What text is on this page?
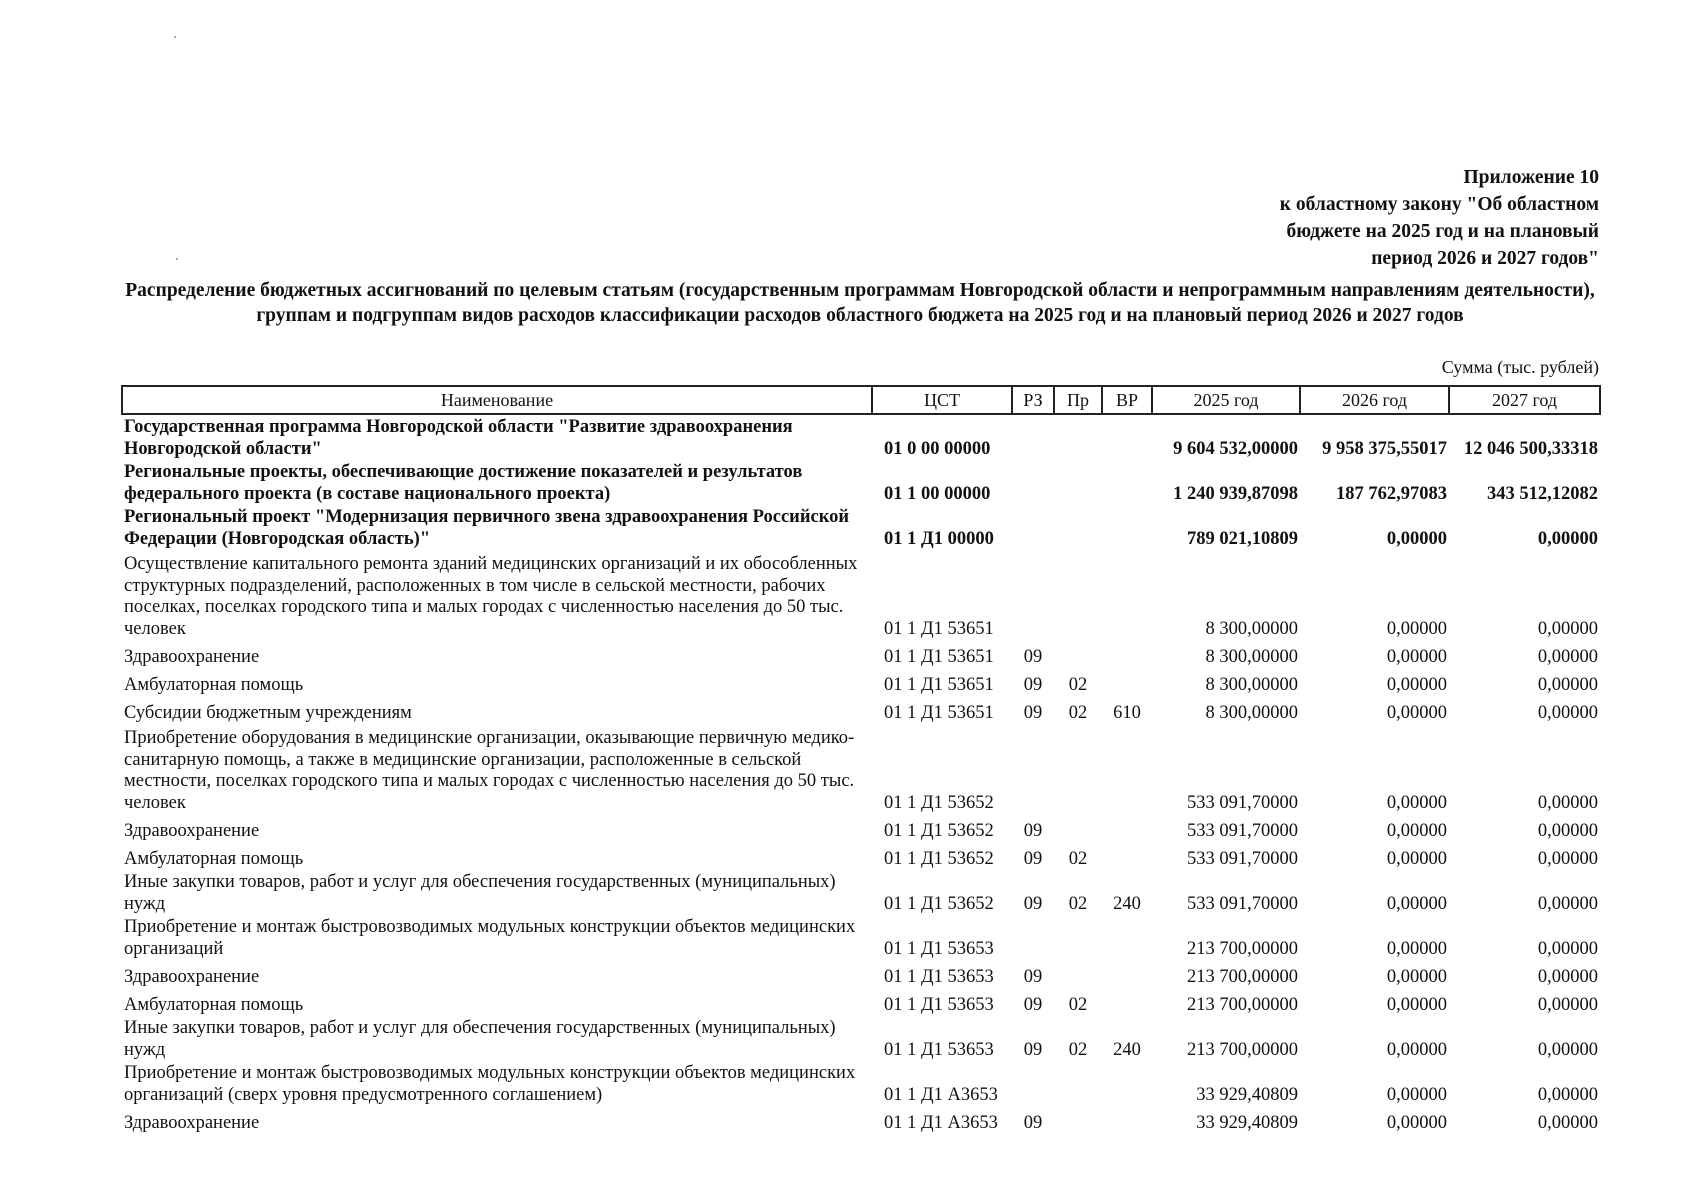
Приложение 10
к областному закону "Об областном
бюджете на 2025 год и на плановый
период 2026 и 2027 годов"
Распределение бюджетных ассигнований по целевым статьям (государственным программам Новгородской области и непрограммным направлениям деятельности), группам и подгруппам видов расходов классификации расходов областного бюджета на 2025 год и на плановый период 2026 и 2027 годов
Сумма (тыс. рублей)
Наименование	ЦСТ	РЗ	Пр	ВР	2025 год	2026 год	2027 год
Государственная программа Новгородской области "Развитие здравоохранения Новгородской области"	01 0 00 00000				9 604 532,00000	9 958 375,55017	12 046 500,33318
Региональные проекты, обеспечивающие достижение показателей и результатов федерального проекта (в составе национального проекта)	01 1 00 00000				1 240 939,87098	187 762,97083	343 512,12082
Региональный проект "Модернизация первичного звена здравоохранения Российской Федерации (Новгородская область)"	01 1 Д1 00000				789 021,10809	0,00000	0,00000
Осуществление капитального ремонта зданий медицинских организаций и их обособленных структурных подразделений, расположенных в том числе в сельской местности, рабочих поселках, поселках городского типа и малых городах с численностью населения до 50 тыс. человек	01 1 Д1 53651				8 300,00000	0,00000	0,00000
Здравоохранение	01 1 Д1 53651	09			8 300,00000	0,00000	0,00000
Амбулаторная помощь	01 1 Д1 53651	09	02		8 300,00000	0,00000	0,00000
Субсидии бюджетным учреждениям	01 1 Д1 53651	09	02	610	8 300,00000	0,00000	0,00000
Приобретение оборудования в медицинские организации, оказывающие первичную медико-санитарную помощь, а также в медицинские организации, расположенные в сельской местности, поселках городского типа и малых городах с численностью населения до 50 тыс. человек	01 1 Д1 53652				533 091,70000	0,00000	0,00000
Здравоохранение	01 1 Д1 53652	09			533 091,70000	0,00000	0,00000
Амбулаторная помощь	01 1 Д1 53652	09	02		533 091,70000	0,00000	0,00000
Иные закупки товаров, работ и услуг для обеспечения государственных (муниципальных) нужд	01 1 Д1 53652	09	02	240	533 091,70000	0,00000	0,00000
Приобретение и монтаж быстровозводимых модульных конструкции объектов медицинских организаций	01 1 Д1 53653				213 700,00000	0,00000	0,00000
Здравоохранение	01 1 Д1 53653	09			213 700,00000	0,00000	0,00000
Амбулаторная помощь	01 1 Д1 53653	09	02		213 700,00000	0,00000	0,00000
Иные закупки товаров, работ и услуг для обеспечения государственных (муниципальных) нужд	01 1 Д1 53653	09	02	240	213 700,00000	0,00000	0,00000
Приобретение и монтаж быстровозводимых модульных конструкции объектов медицинских организаций (сверх уровня предусмотренного соглашением)	01 1 Д1 А3653				33 929,40809	0,00000	0,00000
Здравоохранение	01 1 Д1 А3653	09			33 929,40809	0,00000	0,00000
